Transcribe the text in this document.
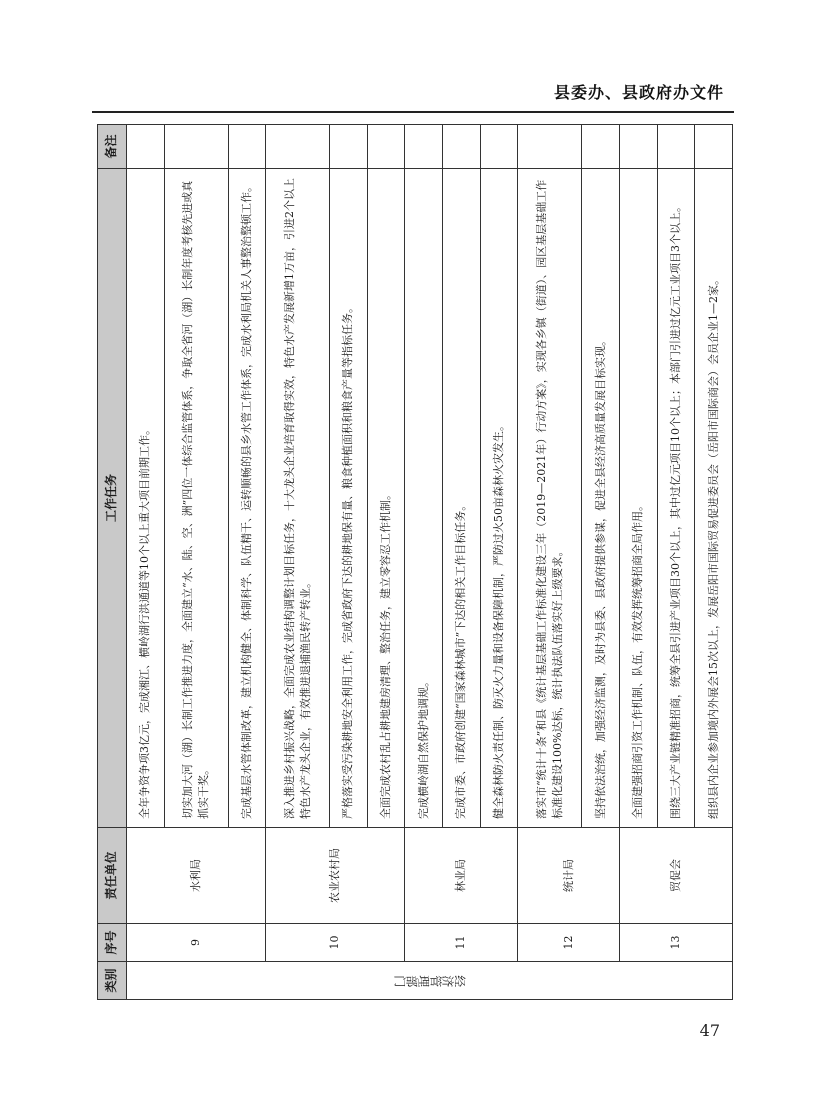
县委办、县政府办文件
类别	序号	责任单位	工作任务	备注
经济管理部门	9	水利局	全年争资争项3亿元，完成湘江、横岭湖行洪通道等10个以上重大项目前期工作。	
			切实加大河（湖）长制工作推进力度，全面建立“水、陆、空、洲”四位一体综合监管体系，争取全省河（湖）长制年度考核先进或真抓实干奖。	
			完成基层水管体制改革，建立机构健全、体制科学、队伍精干、运转顺畅的县乡水管工作体系，完成水利局机关人事整治整顿工作。	
	10	农业农村局	深入推进乡村振兴战略，全面完成农业结构调整计划目标任务，十大龙头企业培育取得实效，特色水产发展新增1万亩，引进2个以上特色水产龙头企业，有效推进退捕渔民转产转业。	
			严格落实受污染耕地安全利用工作，完成省政府下达的耕地保有量、粮食种植面积和粮食产量等指标任务。	
			全面完成农村乱占耕地建房清理、整治任务，建立零容忍工作机制。	
	11	林业局	完成横岭湖自然保护地调规。	
			完成市委、市政府创建“国家森林城市”下达的相关工作目标任务。	
			健全森林防火责任制、防灭火力量和设备保障机制，严防过火50亩森林火灾发生。	
	12	统计局	落实市“统计十条”和县《统计基层基础工作标准化建设三年（2019—2021年）行动方案》，实现各乡镇（街道）、园区基层基础工作标准化建设100%达标，统计执法队伍落实好上级要求。	
			坚持依法治统，加强经济监测，及时为县委、县政府提供参谋，促进全县经济高质量发展目标实现。	
	13	贸促会	全面建强招商引资工作机制、队伍，有效发挥统筹招商全局作用。	
			围绕三大产业链精准招商，统筹全县引进产业项目30个以上，其中过亿元项目10个以上；本部门引进过亿元工业项目3个以上。	
			组织县内企业参加境内外展会15次以上，发展岳阳市国际贸易促进委员会（岳阳市国际商会）会员企业1—2家。	
47
